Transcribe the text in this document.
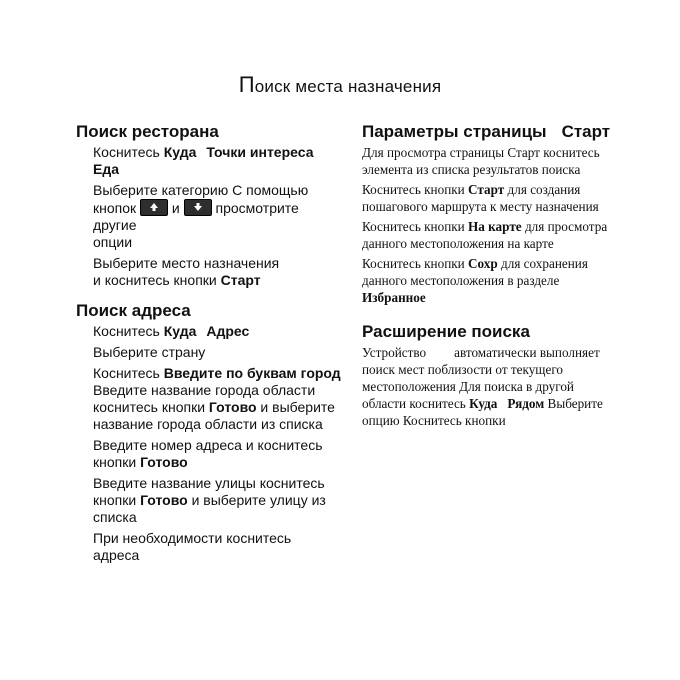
Поиск места назначения
Поиск ресторана
Коснитесь Куда Точки интереса
Еда
Выберите категорию С помощью
кнопок	и	просмотрите другие
опции
Выберите место назначения
и коснитесь кнопки Старт
Поиск адреса
Коснитесь Куда Адрес
Выберите страну
Коснитесь Введите по буквам город
Введите название города области
коснитесь кнопки Готово и выберите
название города области из списка
Введите номер адреса и коснитесь
кнопки Готово
Введите название улицы коснитесь
кнопки Готово и выберите улицу из
списка
При необходимости коснитесь адреса
Параметры страницы Старт
Для просмотра страницы Старт коснитесь
элемента из списка результатов поиска
Коснитесь кнопки Старт для создания
пошагового маршрута к месту назначения
Коснитесь кнопки На карте для просмотра
данного местоположения на карте
Коснитесь кнопки Сохр для сохранения
данного местоположения в разделе
Избранное
Расширение поиска
Устройство автоматически выполняет
поиск мест поблизости от текущего
местоположения Для поиска в другой
области коснитесь Куда Рядом Выберите
опцию Коснитесь кнопки
